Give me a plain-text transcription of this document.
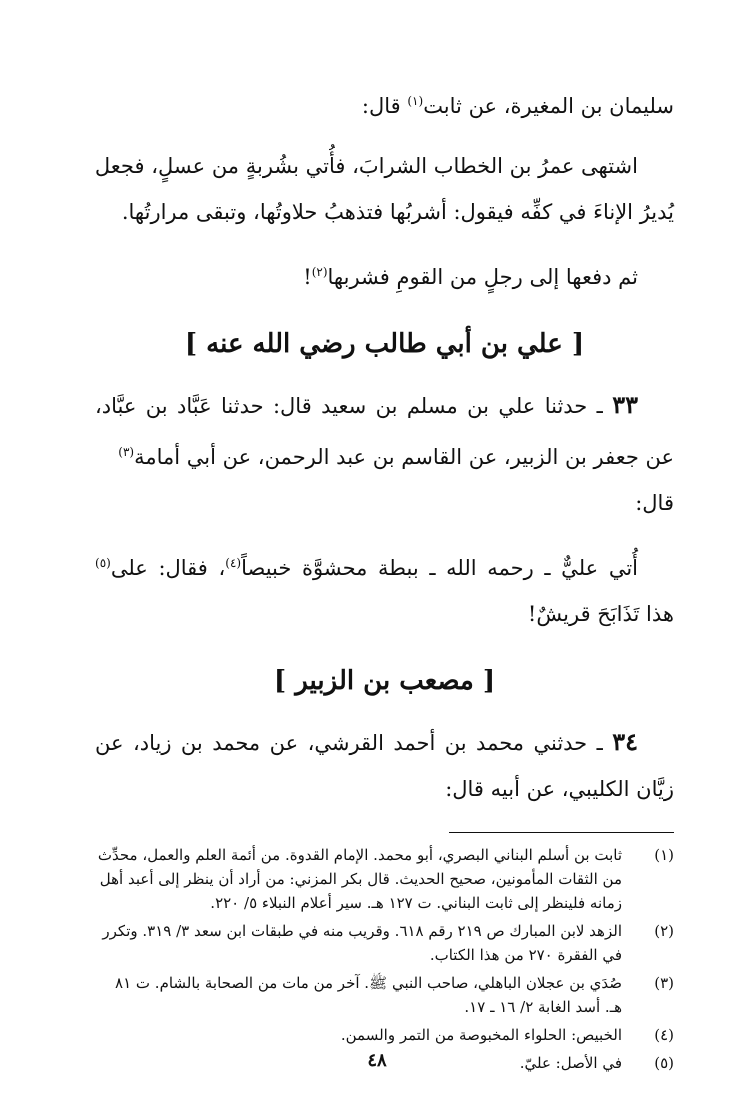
سليمان بن المغيرة، عن ثابت$^{(١)}$ قال:
اشتهى عمرُ بن الخطاب الشرابَ، فأُتي بشُربةٍ من عسلٍ، فجعل
يُديرُ الإناءَ في كفِّه فيقول: أشربُها فتذهبُ حلاوتُها، وتبقى مرارتُها.
ثم دفعها إلى رجلٍ من القومِ فشربها$^{(٢)}$!
[ علي بن أبي طالب رضي الله عنه ]
٣٣ ـ حدثنا علي بن مسلم بن سعيد قال: حدثنا عَبَّاد بن عبَّاد،
عن جعفر بن الزبير، عن القاسم بن عبد الرحمن، عن أبي أمامة$^{(٣)}$
قال:
أُتي عليٌّ ـ رحمه الله ـ ببطة محشوَّة خبيصاً$^{(٤)}$، فقال: على$^{(٥)}$
هذا تَذَابَحَ قريشٌ!
[ مصعب بن الزبير ]
٣٤ ـ حدثني محمد بن أحمد القرشي، عن محمد بن زياد، عن
زيَّان الكليبي، عن أبيه قال:
(١)
ثابت بن أسلم البناني البصري، أبو محمد. الإمام القدوة. من أئمة العلم والعمل، محدِّث من الثقات المأمونين، صحيح الحديث. قال بكر المزني: من أراد أن ينظر إلى أعبد أهل زمانه فلينظر إلى ثابت البناني. ت ١٢٧ هـ. سير أعلام النبلاء ٥/ ٢٢٠.
(٢)
الزهد لابن المبارك ص ٢١٩ رقم ٦١٨. وقريب منه في طبقات ابن سعد ٣/ ٣١٩. وتكرر في الفقرة ٢٧٠ من هذا الكتاب.
(٣)
صُدَي بن عجلان الباهلي، صاحب النبي ﷺ. آخر من مات من الصحابة بالشام. ت ٨١ هـ. أسد الغابة ٢/ ١٦ ـ ١٧.
(٤)
الخبيص: الحلواء المخبوصة من التمر والسمن.
(٥)
في الأصل: عليّ.
٤٨
